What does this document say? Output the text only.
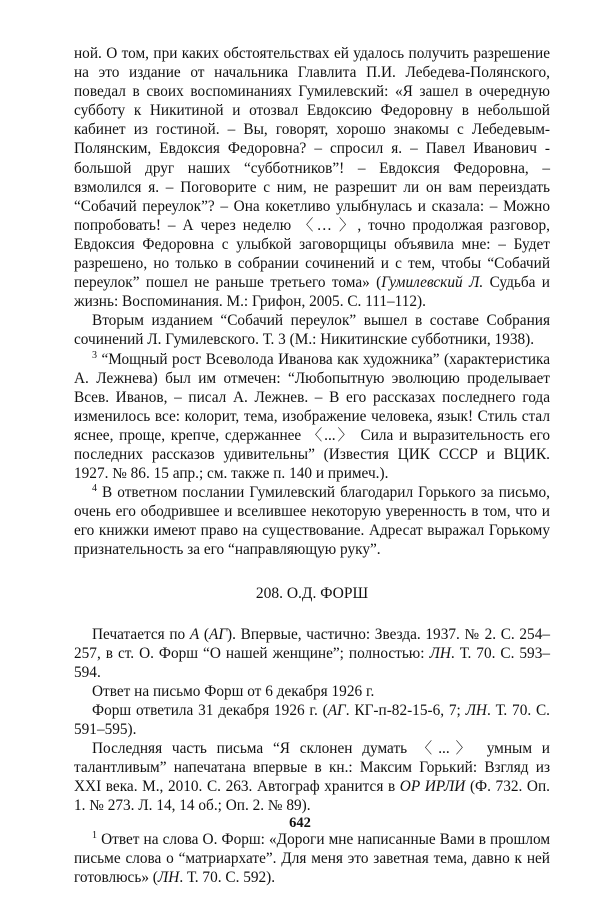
ной. О том, при каких обстоятельствах ей удалось получить разрешение на это издание от начальника Главлита П.И. Лебедева-Полянского, поведал в своих воспоминаниях Гумилевский: «Я зашел в очередную субботу к Никитиной и отозвал Евдоксию Федоровну в небольшой кабинет из гостиной. – Вы, говорят, хорошо знакомы с Лебедевым-Полянским, Евдоксия Федоровна? – спросил я. – Павел Иванович - большой друг наших “субботников”! – Евдоксия Федоровна, – взмолился я. – Поговорите с ним, не разрешит ли он вам переиздать “Собачий переулок”? – Она кокетливо улыбнулась и сказала: – Можно попробовать! – А через неделю 〈… 〉, точно продолжая разговор, Евдоксия Федоровна с улыбкой заговорщицы объявила мне: – Будет разрешено, но только в собрании сочинений и с тем, чтобы “Собачий переулок” пошел не раньше третьего тома» (Гумилевский Л. Судьба и жизнь: Воспоминания. М.: Грифон, 2005. С. 111–112).

Вторым изданием “Собачий переулок” вышел в составе Собрания сочинений Л. Гумилевского. Т. 3 (М.: Никитинские субботники, 1938).

$^3$ “Мощный рост Всеволода Иванова как художника” (характеристика А. Лежнева) был им отмечен: “Любопытную эволюцию проделывает Всев. Иванов, – писал А. Лежнев. – В его рассказах последнего года изменилось все: колорит, тема, изображение человека, язык! Стиль стал яснее, проще, крепче, сдержаннее 〈...〉 Сила и выразительность его последних рассказов удивительны” (Известия ЦИК СССР и ВЦИК. 1927. № 86. 15 апр.; см. также п. 140 и примеч.).

$^4$ В ответном послании Гумилевский благодарил Горького за письмо, очень его ободрившее и вселившее некоторую уверенность в том, что и его книжки имеют право на существование. Адресат выражал Горькому признательность за его “направляющую руку”.

208. О.Д. ФОРШ

Печатается по А (АГ). Впервые, частично: Звезда. 1937. № 2. С. 254–257, в ст. О. Форш “О нашей женщине”; полностью: ЛН. Т. 70. С. 593–594.

Ответ на письмо Форш от 6 декабря 1926 г.

Форш ответила 31 декабря 1926 г. (АГ. КГ-п-82-15-6, 7; ЛН. Т. 70. С. 591–595).

Последняя часть письма “Я склонен думать 〈...〉 умным и талантливым” напечатана впервые в кн.: Максим Горький: Взгляд из XXI века. М., 2010. С. 263. Автограф хранится в ОР ИРЛИ (Ф. 732. Оп. 1. № 273. Л. 14, 14 об.; Оп. 2. № 89).

$^1$ Ответ на слова О. Форш: «Дороги мне написанные Вами в прошлом письме слова о “матриархате”. Для меня это заветная тема, давно к ней готовлюсь» (ЛН. Т. 70. С. 592).

642
